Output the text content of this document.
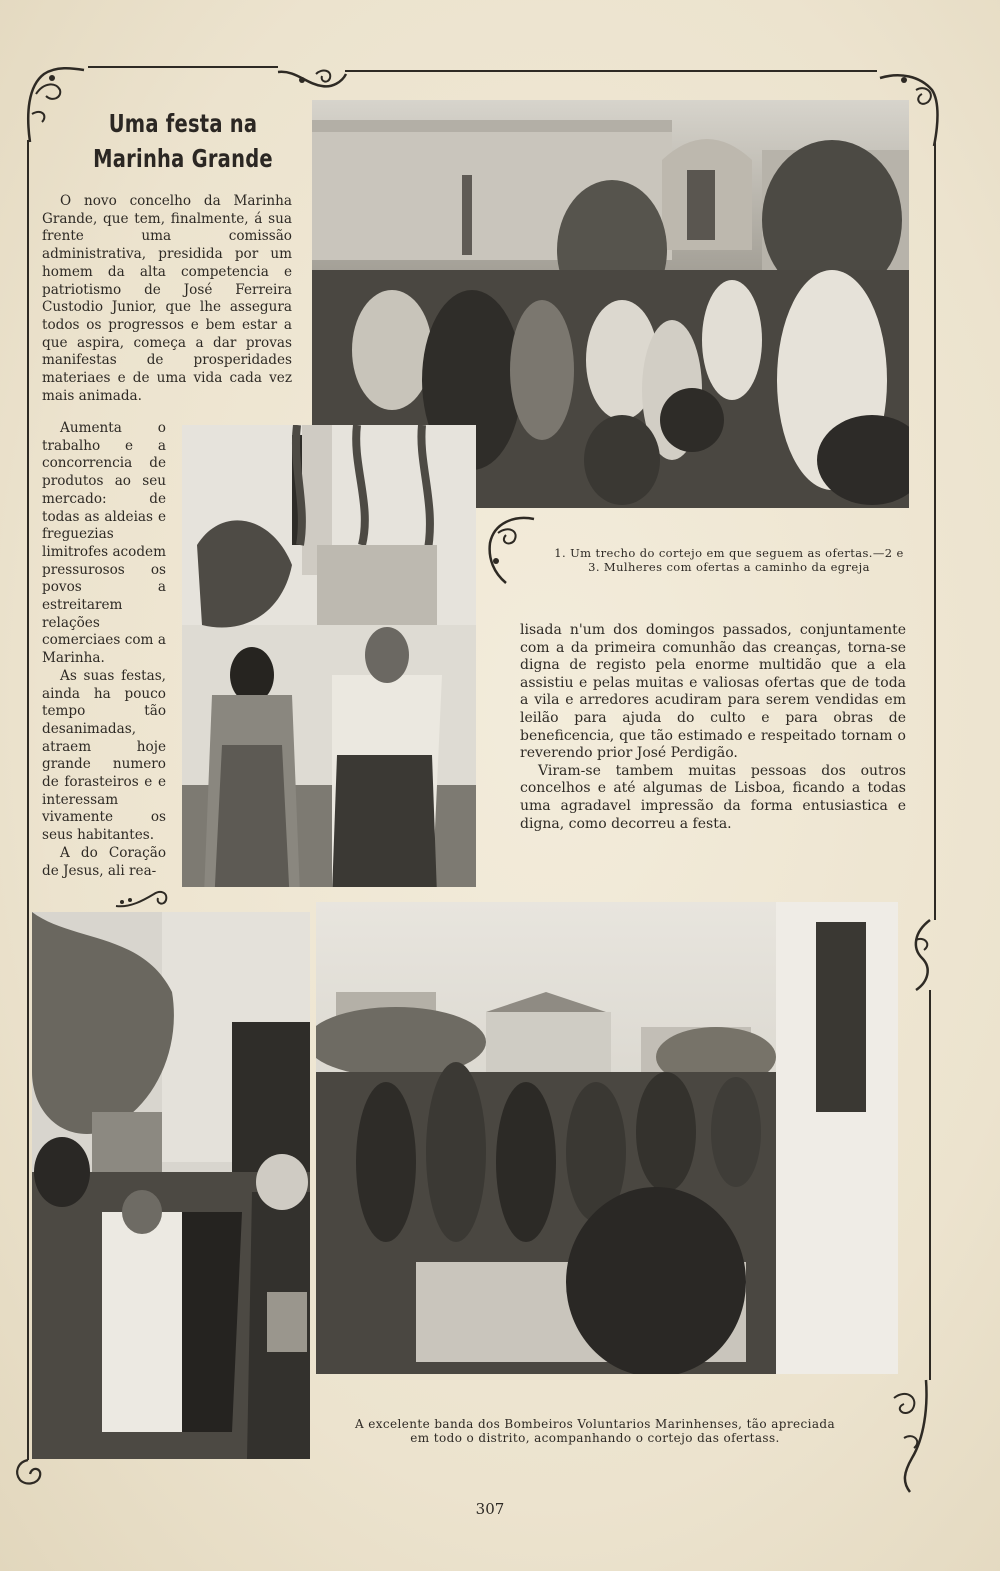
Uma festa na Marinha Grande

O novo concelho da Marinha Grande, que tem, finalmente, á sua frente uma comissão administrativa, presidida por um homem da alta competencia e patriotismo de José Ferreira Custodio Junior, que lhe assegura todos os progressos e bem estar a que aspira, começa a dar provas manifestas de prosperidades materiaes e de uma vida cada vez mais animada.

Aumenta o trabalho e a concorrencia de produtos ao seu mercado: de todas as aldeias e freguezias limitrofes acodem pressurosos os povos a estreitarem relações comerciaes com a Marinha.

As suas festas, ainda ha pouco tempo tão desanimadas, atraem hoje grande numero de forasteiros e e interessam vivamente os seus habitantes.

A do Coração de Jesus, ali rea-

lisada n'um dos domingos passados, conjuntamente com a da primeira comunhão das creanças, torna-se digna de registo pela enorme multidão que a ela assistiu e pelas muitas e valiosas ofertas que de toda a vila e arredores acudiram para serem vendidas em leilão para ajuda do culto e para obras de beneficencia, que tão estimado e respeitado tornam o reverendo prior José Perdigão.

Viram-se tambem muitas pessoas dos outros concelhos e até algumas de Lisboa, ficando a todas uma agradavel impressão da forma entusiastica e digna, como decorreu a festa.

1. Um trecho do cortejo em que seguem as ofertas.—2 e 3. Mulheres com ofertas a caminho da egreja
A excelente banda dos Bombeiros Voluntarios Marinhenses, tão apreciada em todo o distrito, acompanhando o cortejo das ofertass.
307
